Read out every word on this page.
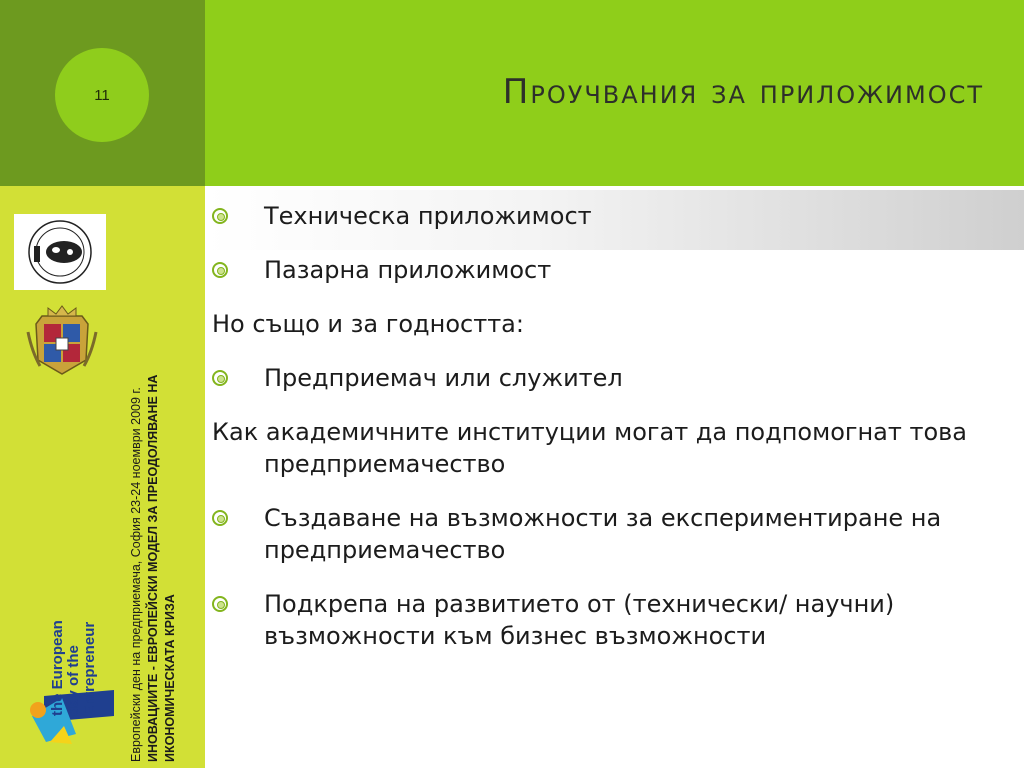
11	Проучвания за приложимост
Европейски ден на предприемача, София 23-24 ноември 2009 г. ИНОВАЦИИТЕ - ЕВРОПЕЙСКИ МОДЕЛ ЗА ПРЕОДОЛЯВАНЕ НА ИКОНОМИЧЕСКАТА КРИЗА
the European day of the Entrepreneur
Техническа приложимост
Пазарна приложимост
Но също и за годността:
Предприемач или служител
Как академичните институции могат да подпомогнат това предприемачество
Създаване на възможности за експериментиране на предприемачество
Подкрепа на развитието от (технически/ научни) възможности към бизнес възможности
